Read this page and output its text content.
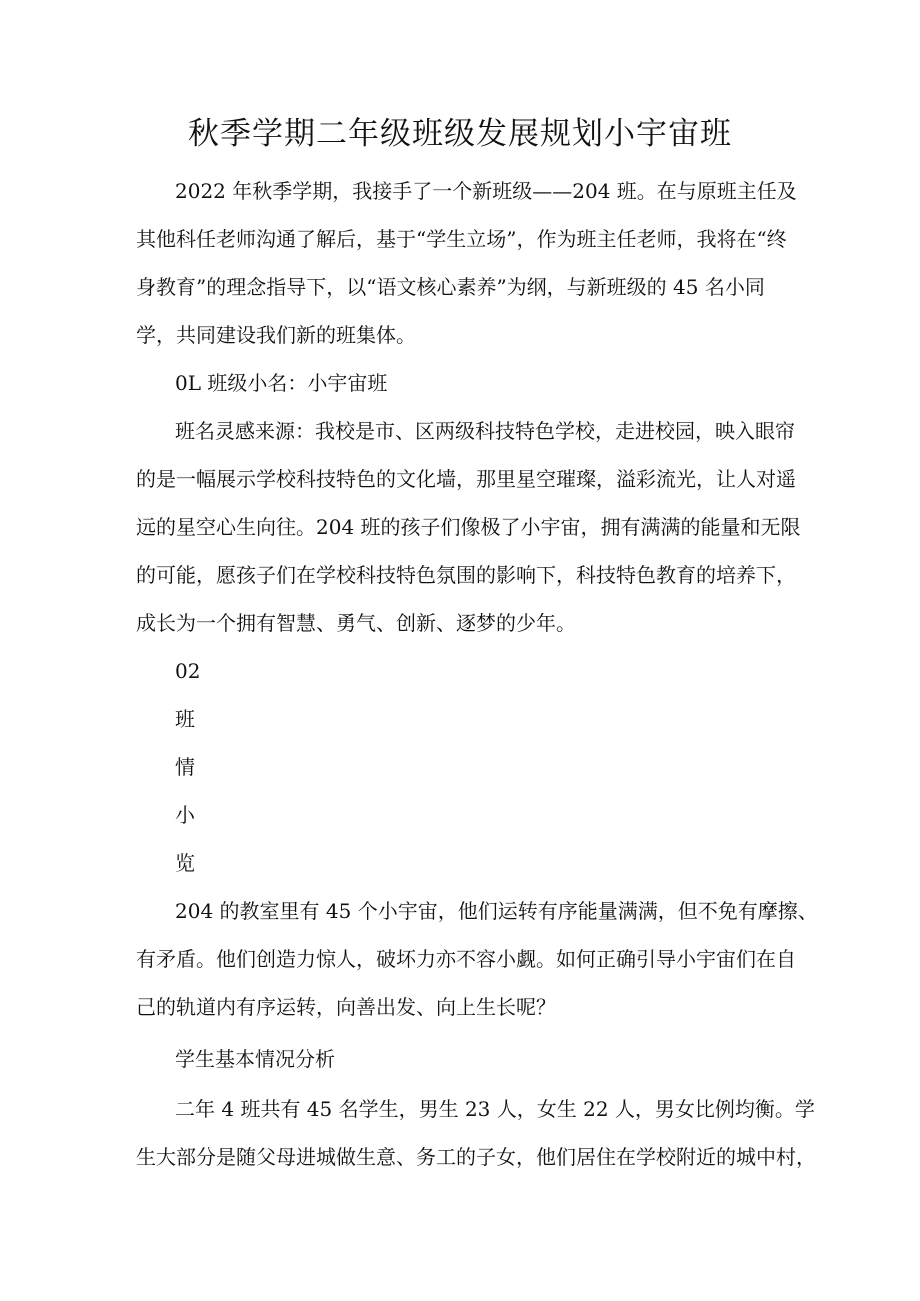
秋季学期二年级班级发展规划小宇宙班
2022 年秋季学期，我接手了一个新班级——204 班。在与原班主任及
其他科任老师沟通了解后，基于“学生立场”，作为班主任老师，我将在“终
身教育”的理念指导下，以“语文核心素养”为纲，与新班级的 45 名小同
学，共同建设我们新的班集体。
0L 班级小名：小宇宙班
班名灵感来源：我校是市、区两级科技特色学校，走进校园，映入眼帘
的是一幅展示学校科技特色的文化墙，那里星空璀璨，溢彩流光，让人对遥
远的星空心生向往。204 班的孩子们像极了小宇宙，拥有满满的能量和无限
的可能，愿孩子们在学校科技特色氛围的影响下，科技特色教育的培养下，
成长为一个拥有智慧、勇气、创新、逐梦的少年。
02
班
情
小
览
204 的教室里有 45 个小宇宙，他们运转有序能量满满，但不免有摩擦、
有矛盾。他们创造力惊人，破坏力亦不容小觑。如何正确引导小宇宙们在自
己的轨道内有序运转，向善出发、向上生长呢？
学生基本情况分析
二年 4 班共有 45 名学生，男生 23 人，女生 22 人，男女比例均衡。学
生大部分是随父母进城做生意、务工的子女，他们居住在学校附近的城中村，
